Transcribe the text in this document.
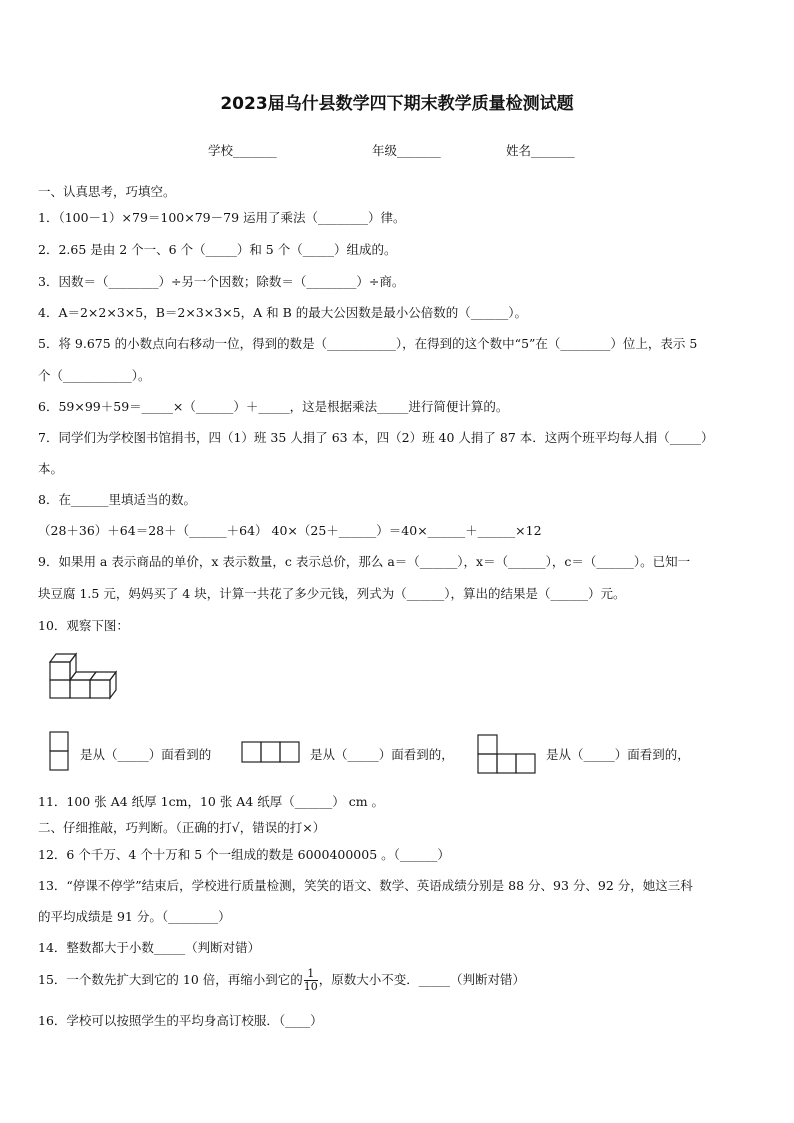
2023届乌什县数学四下期末教学质量检测试题
学校_______	年级_______	姓名_______
一、认真思考，巧填空。
1．（100－1）×79＝100×79－79 运用了乘法（________）律。
2．2.65 是由 2 个一、6 个（_____）和 5 个（_____）组成的。
3．因数＝（________）÷另一个因数；除数＝（________）÷商。
4．A＝2×2×3×5，B＝2×3×3×5，A 和 B 的最大公因数是最小公倍数的（______）。
5．将 9.675 的小数点向右移动一位，得到的数是（___________），在得到的这个数中“5”在（________）位上，表示 5
个（___________）。
6．59×99＋59＝_____×（______）＋_____，这是根据乘法_____进行简便计算的。
7．同学们为学校图书馆捐书，四（1）班 35 人捐了 63 本，四（2）班 40 人捐了 87 本．这两个班平均每人捐（_____）
本。
8．在______里填适当的数。
（28＋36）＋64＝28＋（______＋64） 40×（25＋______）＝40×______＋______×12
9．如果用 a 表示商品的单价，x 表示数量，c 表示总价，那么 a＝（______），x＝（______），c＝（______）。已知一
块豆腐 1.5 元，妈妈买了 4 块，计算一共花了多少元钱，列式为（______），算出的结果是（______）元。
10．观察下图：
是从（_____）面看到的	是从（_____）面看到的，	是从（_____）面看到的，
11．100 张 A4 纸厚 1cm，10 张 A4 纸厚（______） cm 。
二、仔细推敲，巧判断。（正确的打√，错误的打×）
12．6 个千万、4 个十万和 5 个一组成的数是 6000400005 。（______）
13．“停课不停学”结束后，学校进行质量检测，笑笑的语文、数学、英语成绩分别是 88 分、93 分、92 分，她这三科
的平均成绩是 91 分。（________）
14．整数都大于小数_____（判断对错）
15．一个数先扩大到它的 10 倍，再缩小到它的 $\frac{1}{10}$ ，原数大小不变．_____（判断对错）
16．学校可以按照学生的平均身高订校服．（____）
